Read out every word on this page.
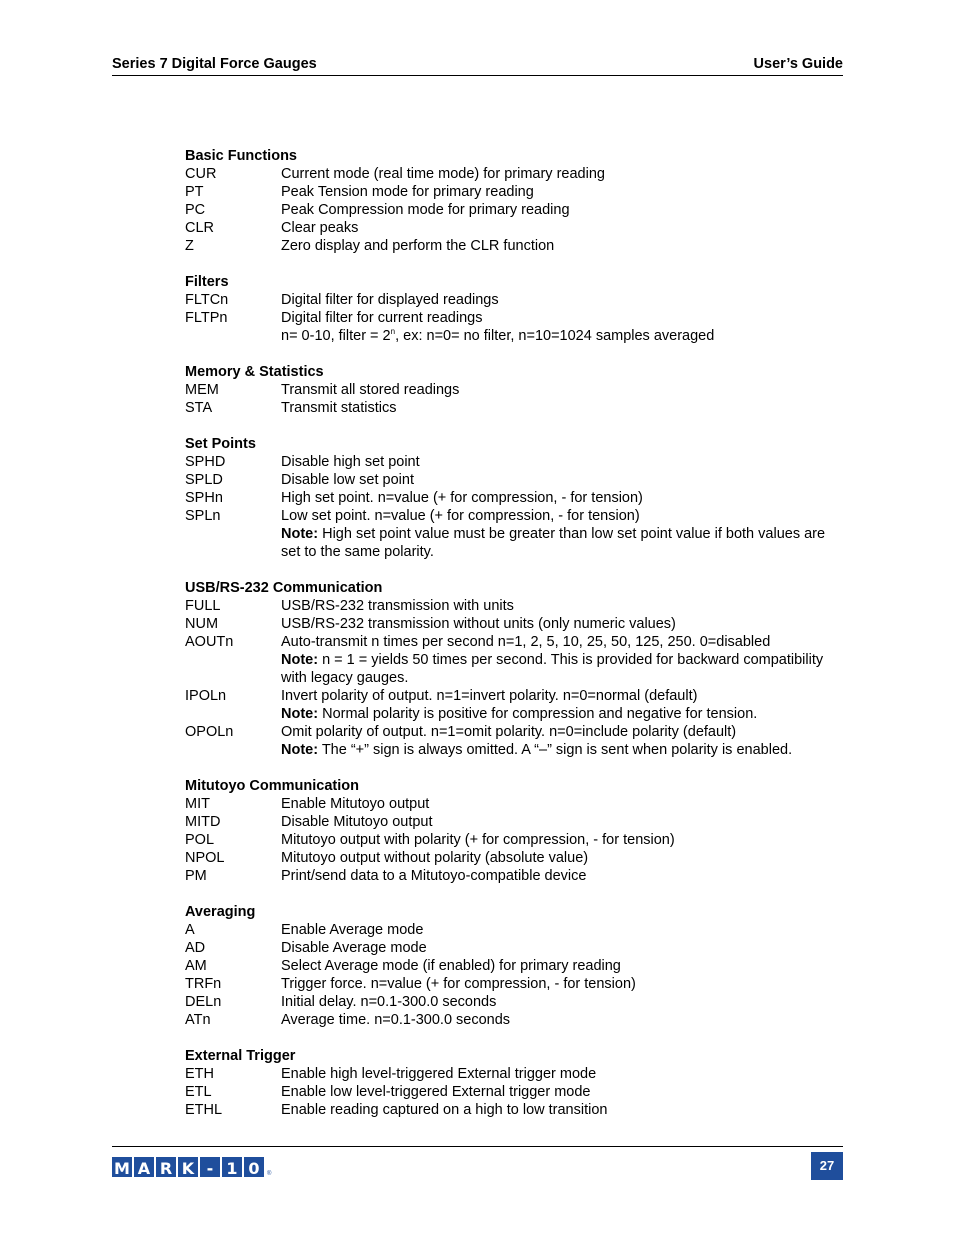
Series 7 Digital Force Gauges	User’s Guide
Basic Functions
CUR	Current mode (real time mode) for primary reading
PT	Peak Tension mode for primary reading
PC	Peak Compression mode for primary reading
CLR	Clear peaks
Z	Zero display and perform the CLR function
Filters
FLTCn	Digital filter for displayed readings
FLTPn	Digital filter for current readings
n= 0-10, filter = $2^n$, ex: n=0= no filter, n=10=1024 samples averaged
Memory & Statistics
MEM	Transmit all stored readings
STA	Transmit statistics
Set Points
SPHD	Disable high set point
SPLD	Disable low set point
SPHn	High set point. n=value (+ for compression, - for tension)
SPLn	Low set point. n=value (+ for compression, - for tension)
Note: High set point value must be greater than low set point value if both values are set to the same polarity.
USB/RS-232 Communication
FULL	USB/RS-232 transmission with units
NUM	USB/RS-232 transmission without units (only numeric values)
AOUTn	Auto-transmit n times per second n=1, 2, 5, 10, 25, 50, 125, 250. 0=disabled
Note: n = 1 = yields 50 times per second. This is provided for backward compatibility with legacy gauges.
IPOLn	Invert polarity of output. n=1=invert polarity. n=0=normal (default)
Note: Normal polarity is positive for compression and negative for tension.
OPOLn	Omit polarity of output. n=1=omit polarity. n=0=include polarity (default)
Note: The “+” sign is always omitted. A “–” sign is sent when polarity is enabled.
Mitutoyo Communication
MIT	Enable Mitutoyo output
MITD	Disable Mitutoyo output
POL	Mitutoyo output with polarity (+ for compression, - for tension)
NPOL	Mitutoyo output without polarity (absolute value)
PM	Print/send data to a Mitutoyo-compatible device
Averaging
A	Enable Average mode
AD	Disable Average mode
AM	Select Average mode (if enabled) for primary reading
TRFn	Trigger force. n=value (+ for compression, - for tension)
DELn	Initial delay. n=0.1-300.0 seconds
ATn	Average time. n=0.1-300.0 seconds
External Trigger
ETH	Enable high level-triggered External trigger mode
ETL	Enable low level-triggered External trigger mode
ETHL	Enable reading captured on a high to low transition
M A R K - 1 0	®
27
